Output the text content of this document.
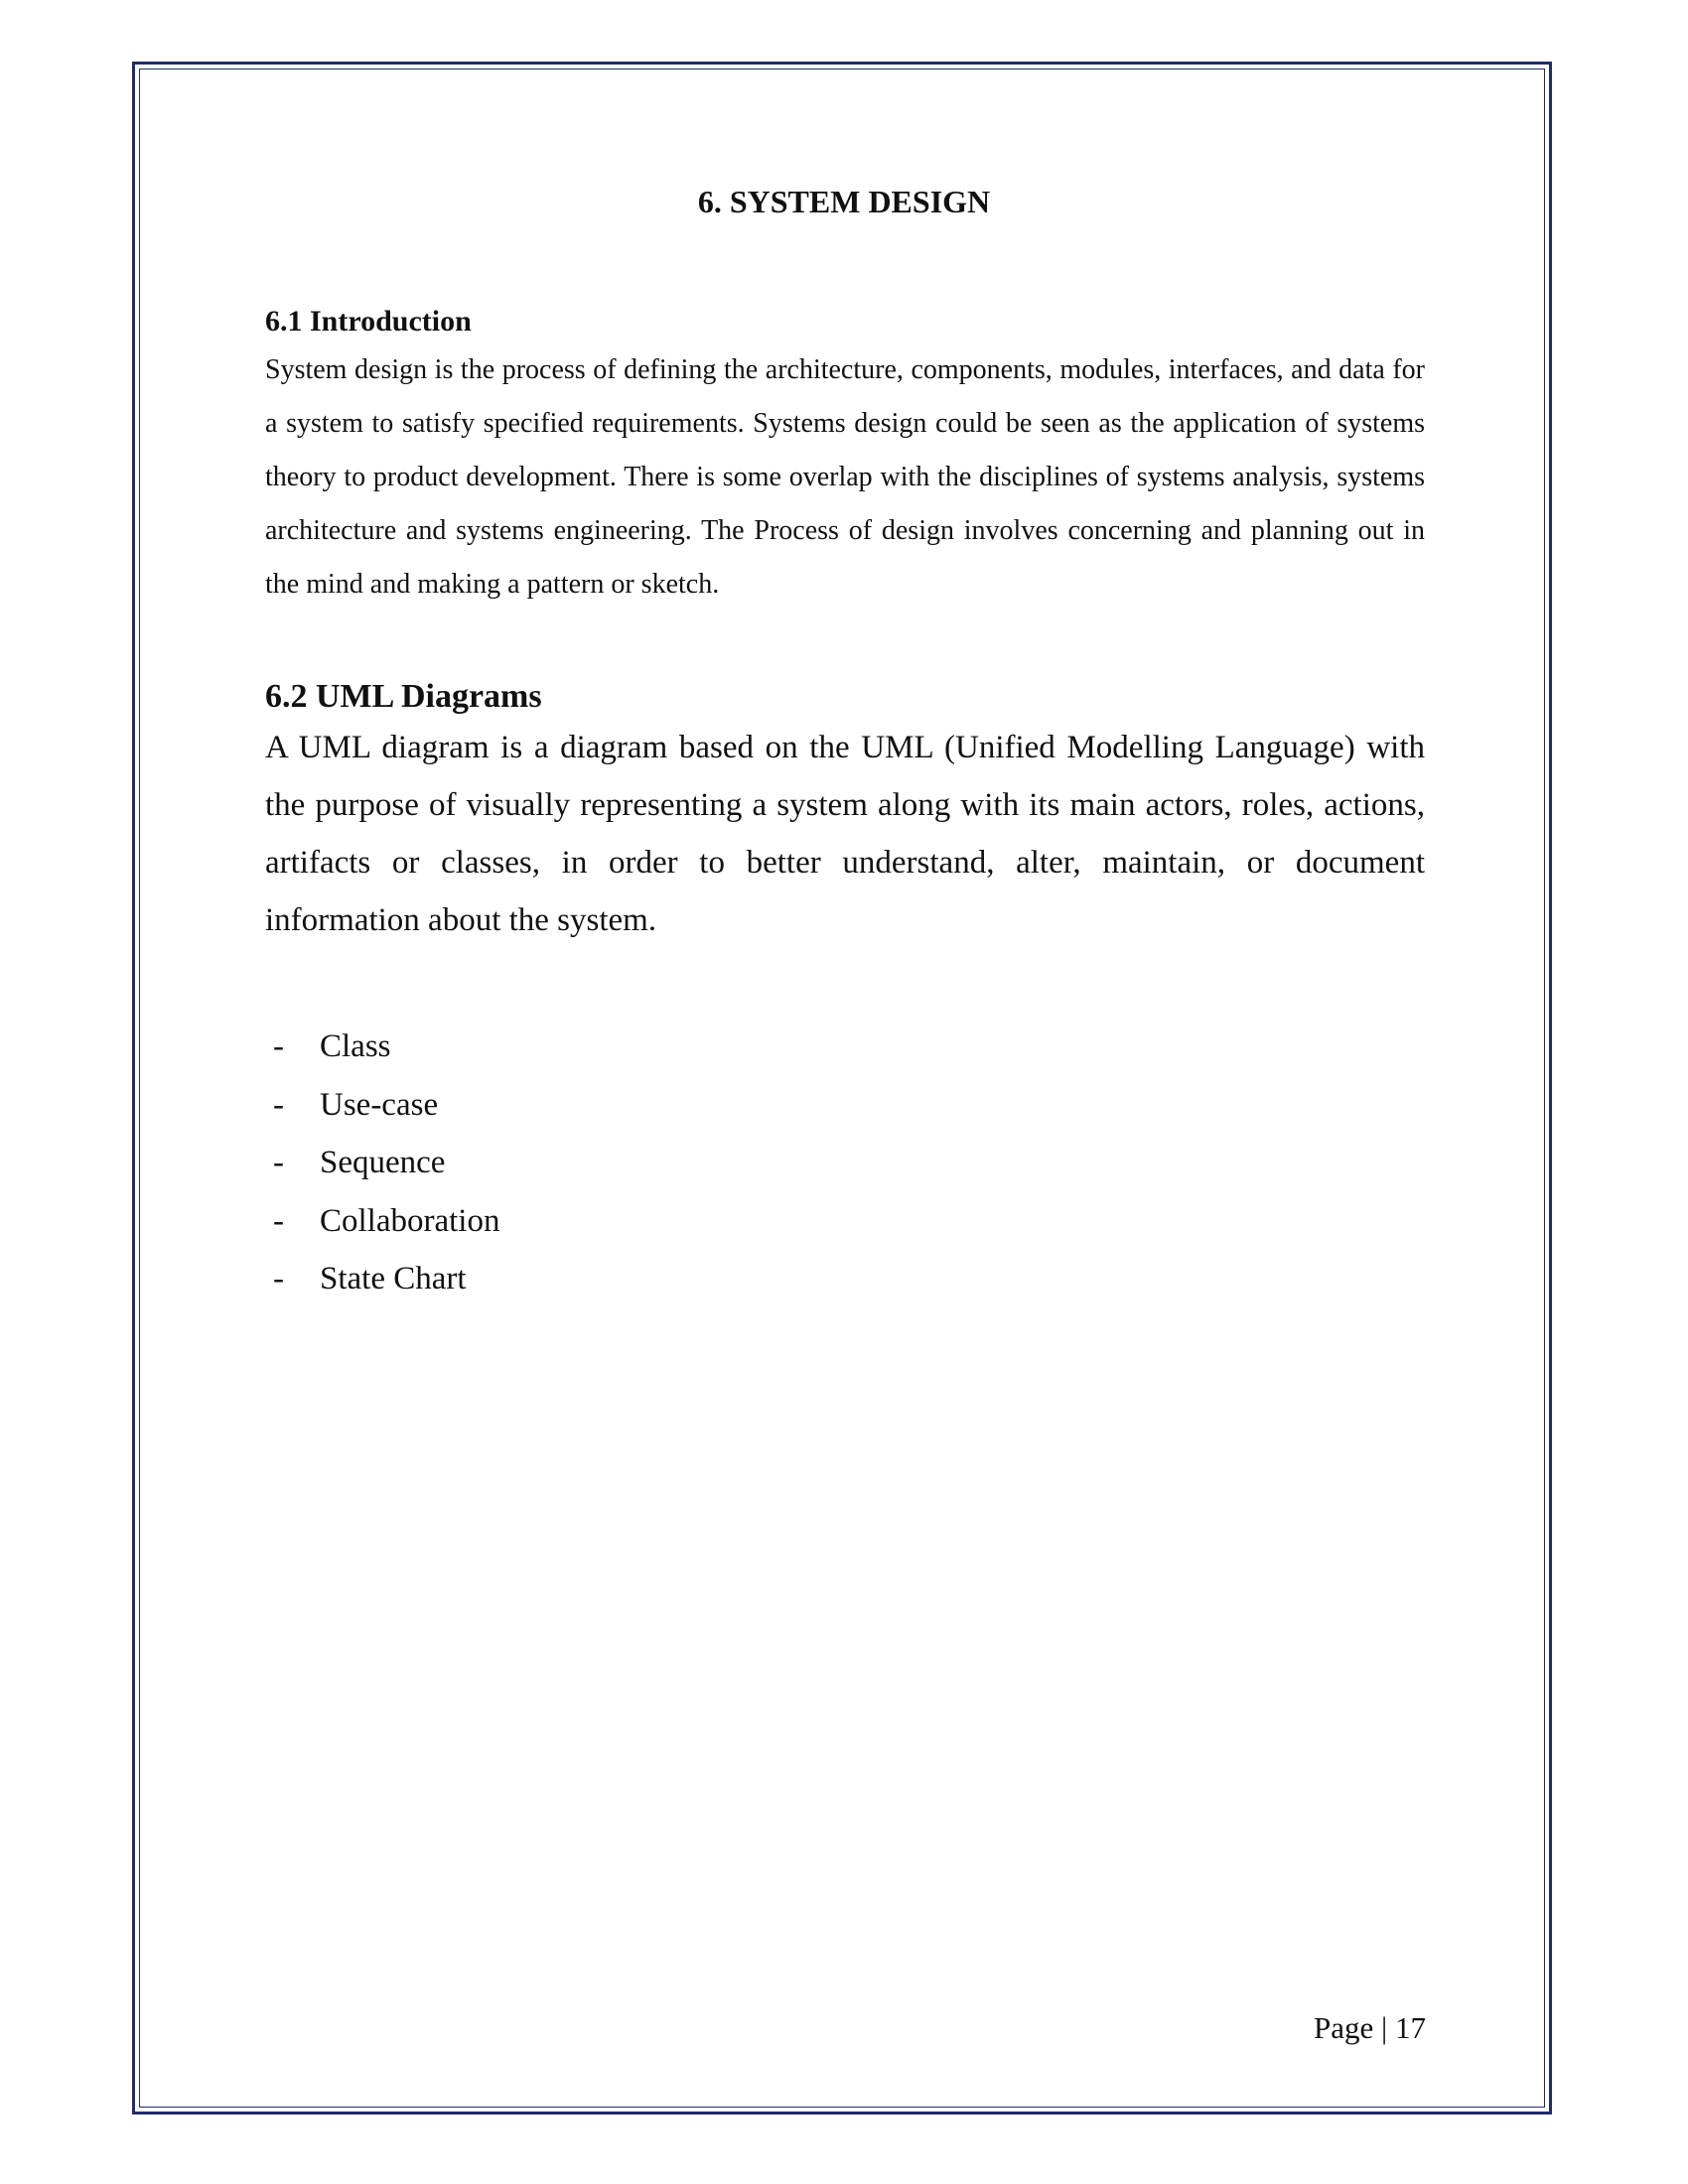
6. SYSTEM DESIGN
6.1 Introduction

System design is the process of defining the architecture, components, modules, interfaces, and data for a system to satisfy specified requirements. Systems design could be seen as the application of systems theory to product development. There is some overlap with the disciplines of systems analysis, systems architecture and systems engineering. The Process of design involves concerning and planning out in the mind and making a pattern or sketch.

6.2 UML Diagrams

A UML diagram is a diagram based on the UML (Unified Modelling Language) with the purpose of visually representing a system along with its main actors, roles, actions, artifacts or classes, in order to better understand, alter, maintain, or document information about the system.

-	Class
-	Use-case
-	Sequence
-	Collaboration
-	State Chart
Page | 17
